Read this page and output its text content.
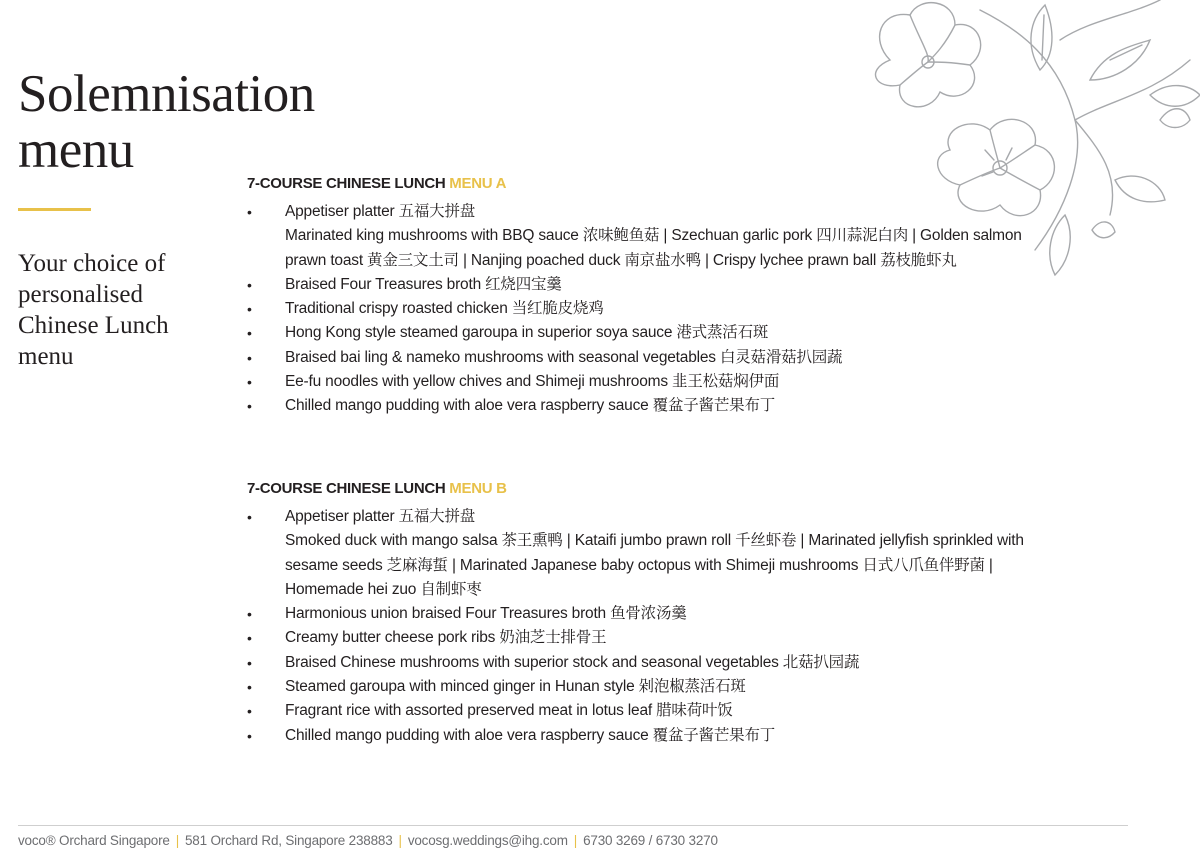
Solemnisation
menu

Your choice of personalised Chinese Lunch menu

7-COURSE CHINESE LUNCH MENU A
• Appetiser platter 五福大拼盘
Marinated king mushrooms with BBQ sauce 浓味鲍鱼菇 | Szechuan garlic pork 四川蒜泥白肉 | Golden salmon prawn toast 黄金三文土司 | Nanjing poached duck 南京盐水鸭 | Crispy lychee prawn ball 荔枝脆虾丸
• Braised Four Treasures broth 红烧四宝羹
• Traditional crispy roasted chicken 当红脆皮烧鸡
• Hong Kong style steamed garoupa in superior soya sauce 港式蒸活石斑
• Braised bai ling & nameko mushrooms with seasonal vegetables 白灵菇滑菇扒园蔬
• Ee-fu noodles with yellow chives and Shimeji mushrooms 韭王松菇焖伊面
• Chilled mango pudding with aloe vera raspberry sauce 覆盆子酱芒果布丁
7-COURSE CHINESE LUNCH MENU B
• Appetiser platter 五福大拼盘
Smoked duck with mango salsa 茶王熏鸭 | Kataifi jumbo prawn roll 千丝虾卷 | Marinated jellyfish sprinkled with sesame seeds 芝麻海蜇 | Marinated Japanese baby octopus with Shimeji mushrooms 日式八爪鱼伴野菌 | Homemade hei zuo 自制虾枣
• Harmonious union braised Four Treasures broth 鱼骨浓汤羹
• Creamy butter cheese pork ribs 奶油芝士排骨王
• Braised Chinese mushrooms with superior stock and seasonal vegetables 北菇扒园蔬
• Steamed garoupa with minced ginger in Hunan style 剁泡椒蒸活石斑
• Fragrant rice with assorted preserved meat in lotus leaf 腊味荷叶饭
• Chilled mango pudding with aloe vera raspberry sauce 覆盆子酱芒果布丁
voco® Orchard Singapore | 581 Orchard Rd, Singapore 238883 | vocosg.weddings@ihg.com | 6730 3269 / 6730 3270
